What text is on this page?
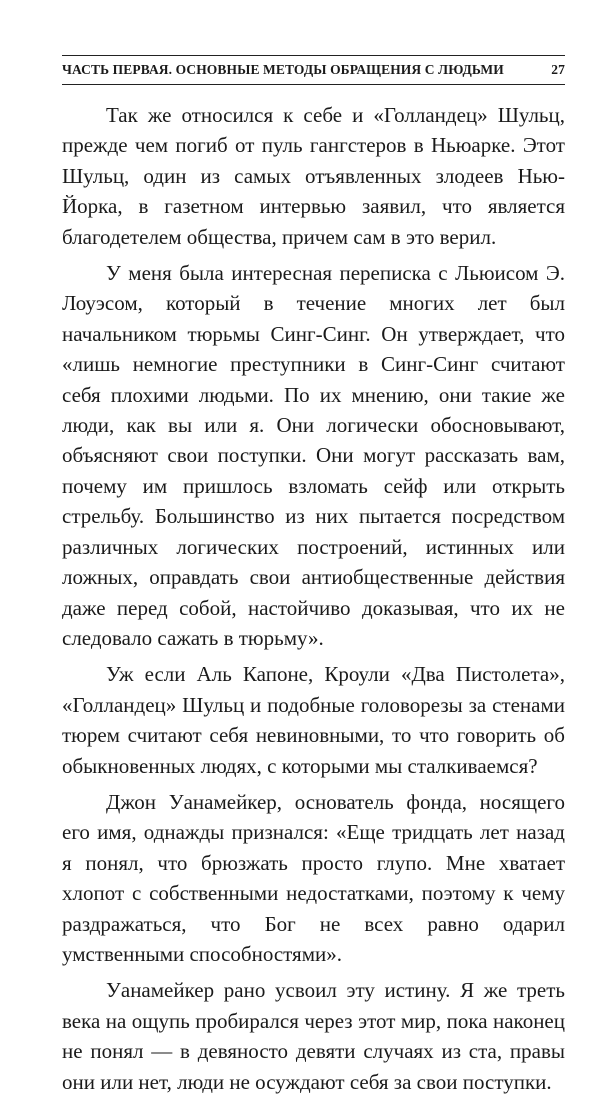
ЧАСТЬ ПЕРВАЯ. ОСНОВНЫЕ МЕТОДЫ ОБРАЩЕНИЯ С ЛЮДЬМИ	27

Так же относился к себе и «Голландец» Шульц, прежде чем погиб от пуль гангстеров в Ньюарке. Этот Шульц, один из самых отъявленных злодеев Нью-Йорка, в газетном интервью заявил, что является благодетелем общества, причем сам в это верил.

У меня была интересная переписка с Льюисом Э. Лоуэсом, который в течение многих лет был начальником тюрьмы Синг-Синг. Он утверждает, что «лишь немногие преступники в Синг-Синг считают себя плохими людьми. По их мнению, они такие же люди, как вы или я. Они логически обосновывают, объясняют свои поступки. Они могут рассказать вам, почему им пришлось взломать сейф или открыть стрельбу. Большинство из них пытается посредством различных логических построений, истинных или ложных, оправдать свои антиобщественные действия даже перед собой, настойчиво доказывая, что их не следовало сажать в тюрьму».

Уж если Аль Капоне, Кроули «Два Пистолета», «Голландец» Шульц и подобные головорезы за стенами тюрем считают себя невиновными, то что говорить об обыкновенных людях, с которыми мы сталкиваемся?

Джон Уанамейкер, основатель фонда, носящего его имя, однажды признался: «Еще тридцать лет назад я понял, что брюзжать просто глупо. Мне хватает хлопот с собственными недостатками, поэтому к чему раздражаться, что Бог не всех равно одарил умственными способностями».

Уанамейкер рано усвоил эту истину. Я же треть века на ощупь пробирался через этот мир, пока наконец не понял — в девяносто девяти случаях из ста, правы они или нет, люди не осуждают себя за свои поступки.
